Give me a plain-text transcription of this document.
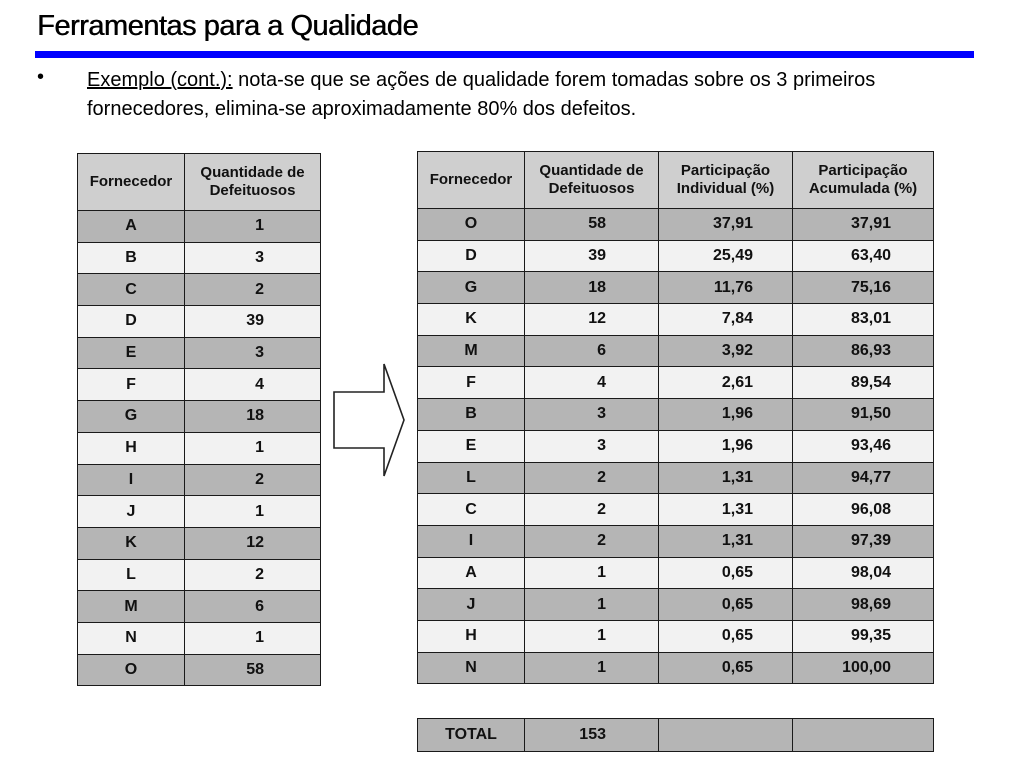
Ferramentas para a Qualidade
• Exemplo (cont.): nota-se que se ações de qualidade forem tomadas sobre os 3 primeiros fornecedores, elimina-se aproximadamente 80% dos defeitos.
Fornecedor	Quantidade de Defeituosos
A	1
B	3
C	2
D	39
E	3
F	4
G	18
H	1
I	2
J	1
K	12
L	2
M	6
N	1
O	58
Fornecedor	Quantidade de Defeituosos	Participação Individual (%)	Participação Acumulada (%)
O	58	37,91	37,91
D	39	25,49	63,40
G	18	11,76	75,16
K	12	7,84	83,01
M	6	3,92	86,93
F	4	2,61	89,54
B	3	1,96	91,50
E	3	1,96	93,46
L	2	1,31	94,77
C	2	1,31	96,08
I	2	1,31	97,39
A	1	0,65	98,04
J	1	0,65	98,69
H	1	0,65	99,35
N	1	0,65	100,00
TOTAL	153		
